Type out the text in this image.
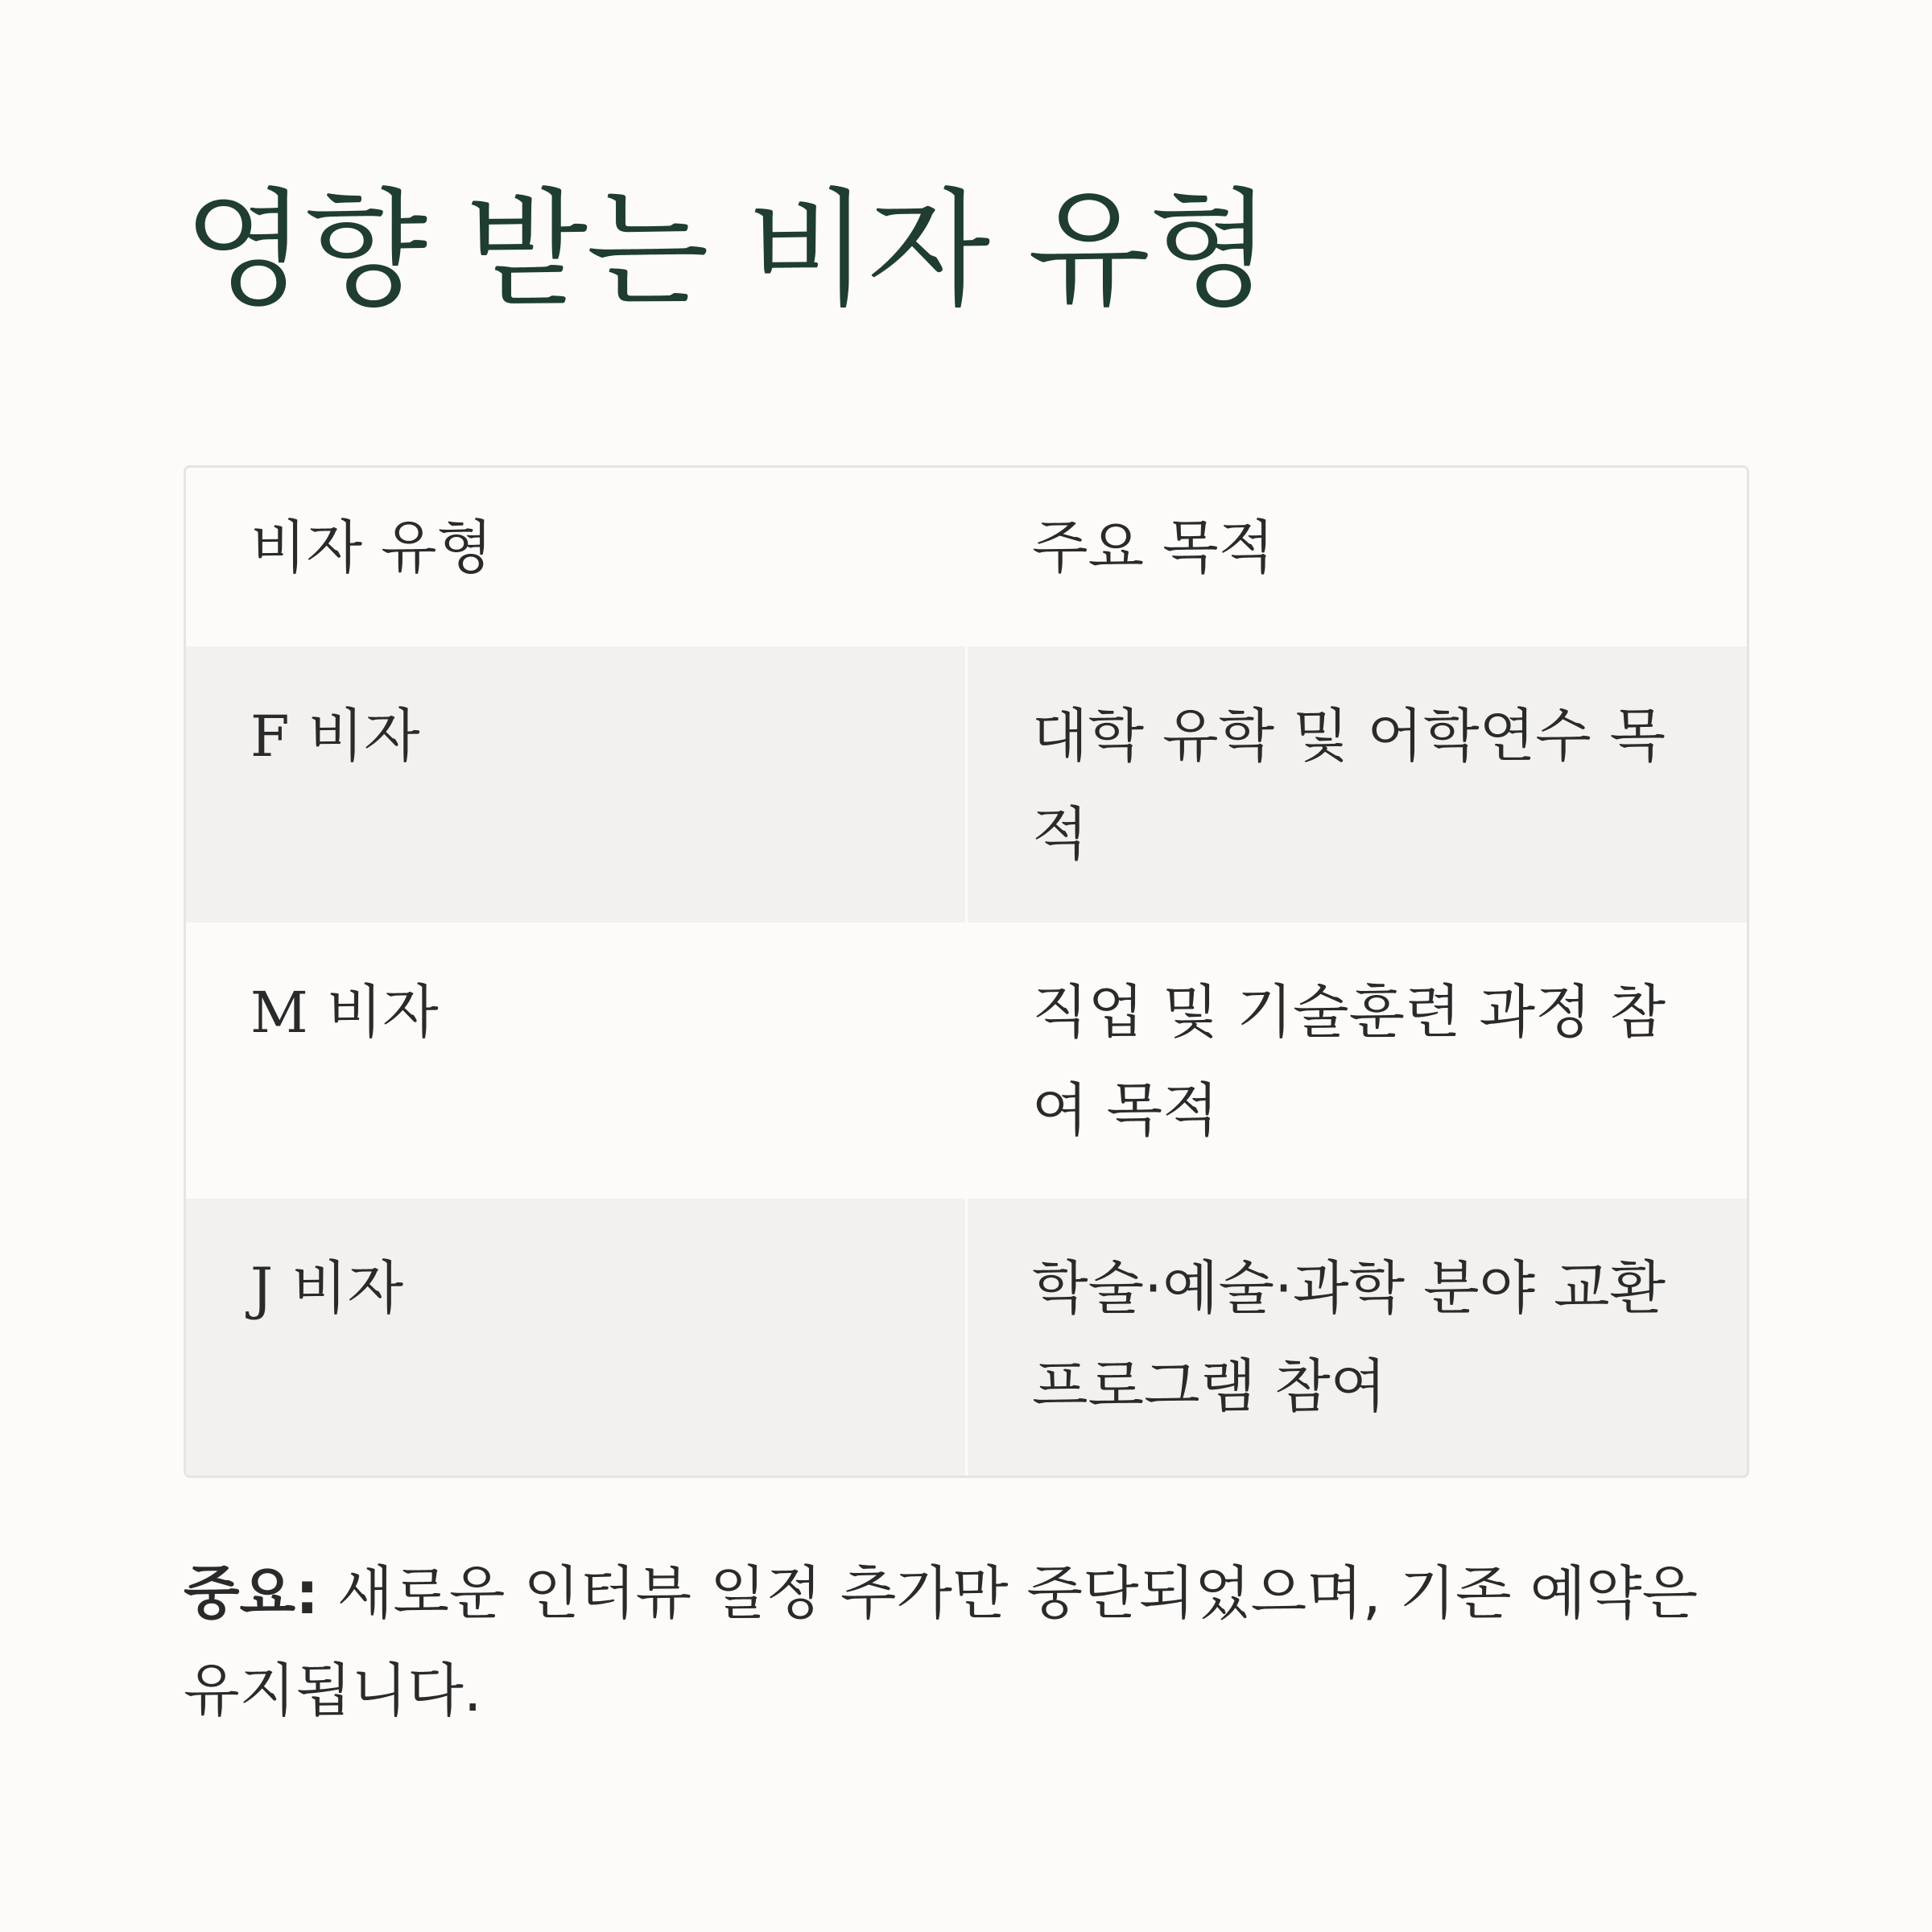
영향 받는 비자 유형
비자 유형	주요 목적
F 비자	대학 유학 및 어학연수 목적
M 비자	직업 및 기술훈련 과정 참여 목적
J 비자	학술·예술·과학 분야 교환 프로그램 참여

중요: 새로운 인터뷰 일정 추가만 중단되었으며, 기존 예약은 유지됩니다.
